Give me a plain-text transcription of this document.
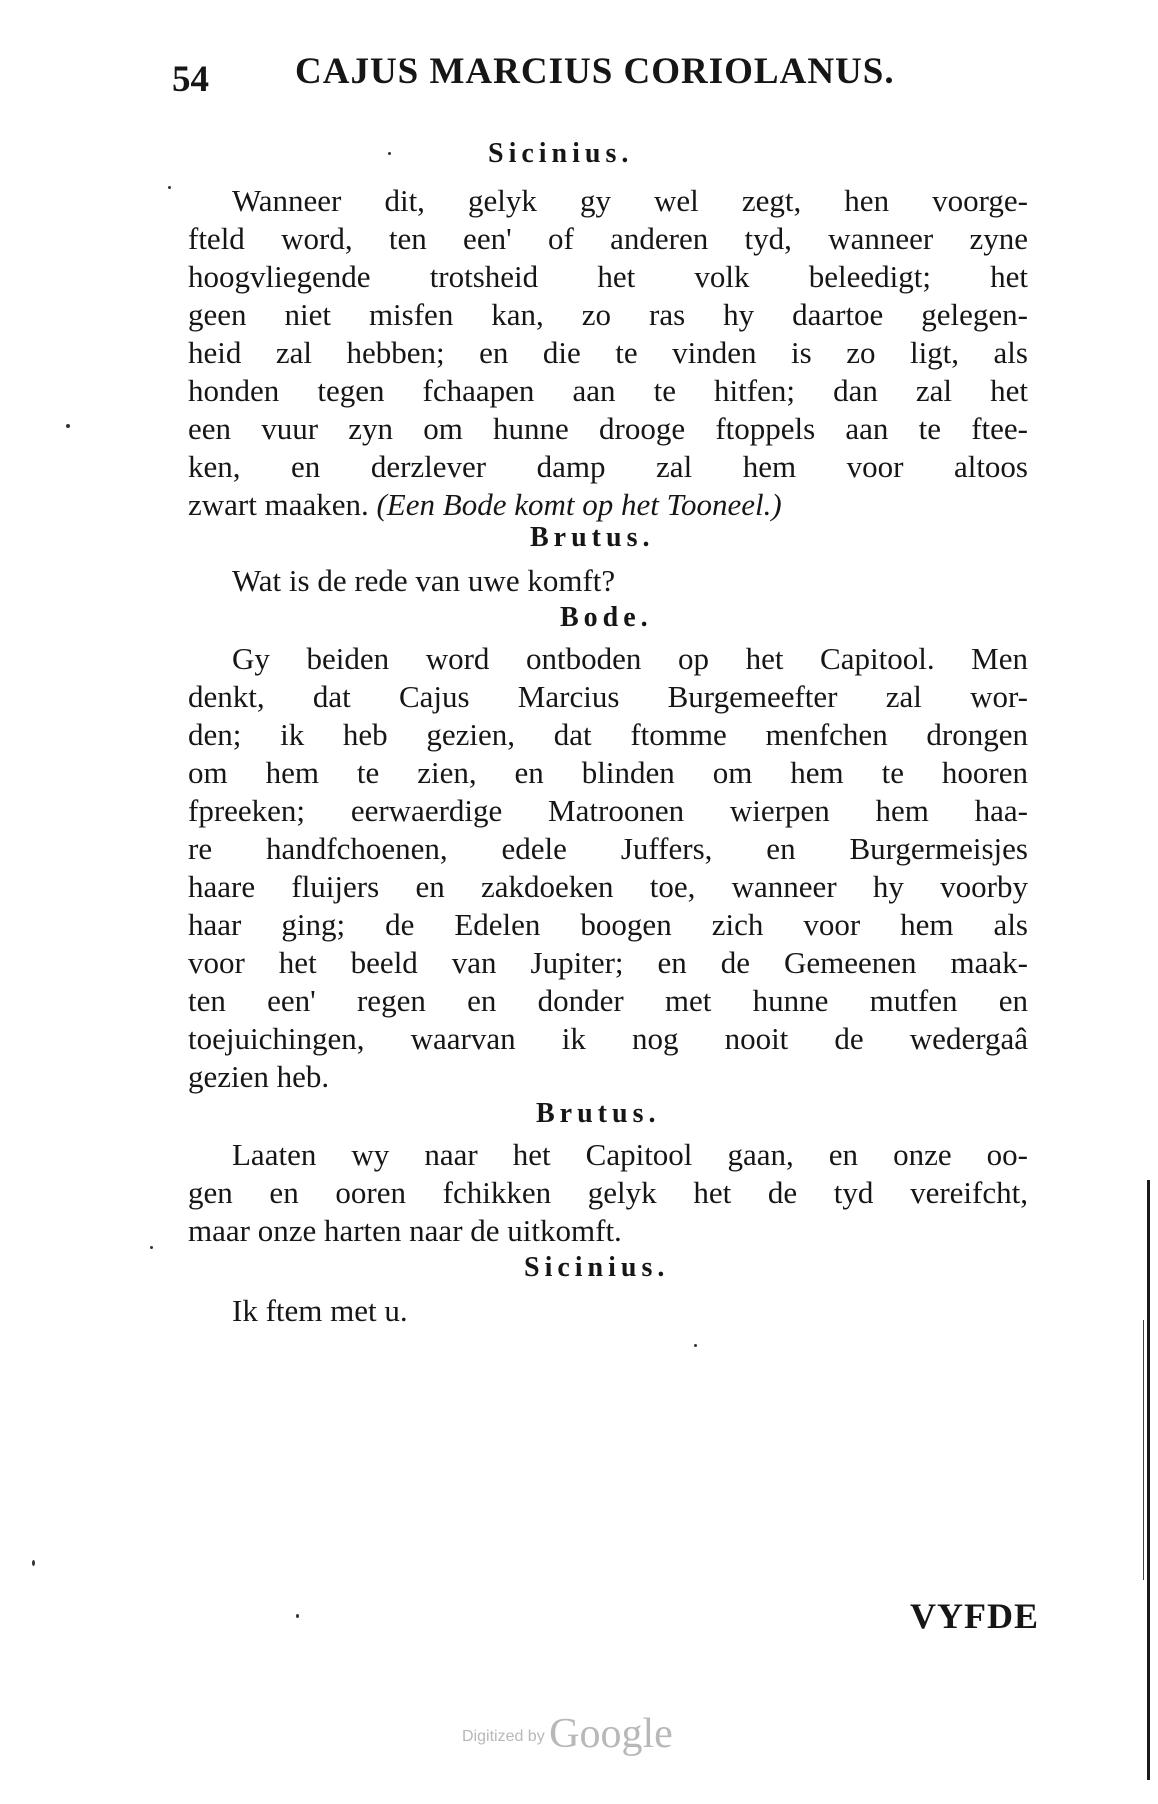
54 CAJUS MARCIUS CORIOLANUS.
Sicinius.
Wanneer dit, gelyk gy wel zegt, hen voorge-
fteld word, ten een' of anderen tyd, wanneer zyne
hoogvliegende trotsheid het volk beleedigt; het
geen niet misfen kan, zo ras hy daartoe gelegen-
heid zal hebben; en die te vinden is zo ligt, als
honden tegen fchaapen aan te hitfen; dan zal het
een vuur zyn om hunne drooge ftoppels aan te ftee-
ken, en derzlever damp zal hem voor altoos
zwart maaken. (Een Bode komt op het Tooneel.)
Brutus.
Wat is de rede van uwe komft?
Bode.
Gy beiden word ontboden op het Capitool. Men
denkt, dat Cajus Marcius Burgemeefter zal wor-
den; ik heb gezien, dat ftomme menfchen drongen
om hem te zien, en blinden om hem te hooren
fpreeken; eerwaerdige Matroonen wierpen hem haa-
re handfchoenen, edele Juffers, en Burgermeisjes
haare fluijers en zakdoeken toe, wanneer hy voorby
haar ging; de Edelen boogen zich voor hem als
voor het beeld van Jupiter; en de Gemeenen maak-
ten een' regen en donder met hunne mutfen en
toejuichingen, waarvan ik nog nooit de wedergaâ
gezien heb.
Brutus.
Laaten wy naar het Capitool gaan, en onze oo-
gen en ooren fchikken gelyk het de tyd vereifcht,
maar onze harten naar de uitkomft.
Sicinius.
Ik ftem met u.
VYFDE
Digitized by Google
